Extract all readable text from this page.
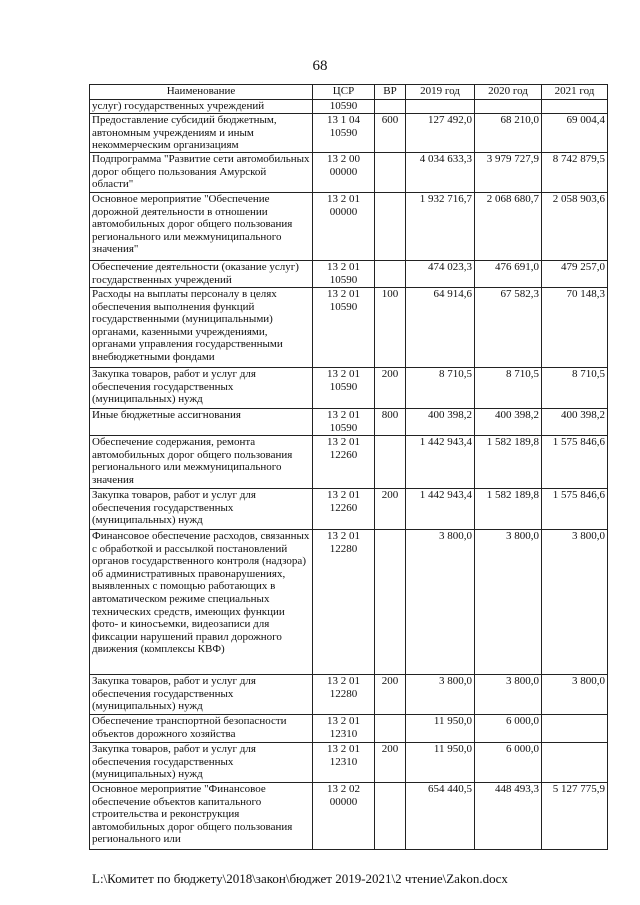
68
Наименование	ЦСР	ВР	2019 год	2020 год	2021 год
услуг) государственных учреждений	10590				
Предоставление субсидий бюджетным, автономным учреждениям и иным некоммерческим организациям	13 1 04 10590	600	127 492,0	68 210,0	69 004,4
Подпрограмма "Развитие сети автомобильных дорог общего пользования Амурской области"	13 2 00 00000		4 034 633,3	3 979 727,9	8 742 879,5
Основное мероприятие "Обеспечение дорожной деятельности в отношении автомобильных дорог общего пользования регионального или межмуниципального значения"	13 2 01 00000		1 932 716,7	2 068 680,7	2 058 903,6
Обеспечение деятельности (оказание услуг) государственных учреждений	13 2 01 10590		474 023,3	476 691,0	479 257,0
Расходы на выплаты персоналу в целях обеспечения выполнения функций государственными (муниципальными) органами, казенными учреждениями, органами управления государственными внебюджетными фондами	13 2 01 10590	100	64 914,6	67 582,3	70 148,3
Закупка товаров, работ и услуг для обеспечения государственных (муниципальных) нужд	13 2 01 10590	200	8 710,5	8 710,5	8 710,5
Иные бюджетные ассигнования	13 2 01 10590	800	400 398,2	400 398,2	400 398,2
Обеспечение содержания, ремонта автомобильных дорог общего пользования регионального или межмуниципального значения	13 2 01 12260		1 442 943,4	1 582 189,8	1 575 846,6
Закупка товаров, работ и услуг для обеспечения государственных (муниципальных) нужд	13 2 01 12260	200	1 442 943,4	1 582 189,8	1 575 846,6
Финансовое обеспечение расходов, связанных с обработкой и рассылкой постановлений органов государственного контроля (надзора) об административных правонарушениях, выявленных с помощью работающих в автоматическом режиме специальных технических средств, имеющих функции фото- и киносъемки, видеозаписи для фиксации нарушений правил дорожного движения (комплексы КВФ)	13 2 01 12280		3 800,0	3 800,0	3 800,0
Закупка товаров, работ и услуг для обеспечения государственных (муниципальных) нужд	13 2 01 12280	200	3 800,0	3 800,0	3 800,0
Обеспечение транспортной безопасности объектов дорожного хозяйства	13 2 01 12310		11 950,0	6 000,0	
Закупка товаров, работ и услуг для обеспечения государственных (муниципальных) нужд	13 2 01 12310	200	11 950,0	6 000,0	
Основное мероприятие "Финансовое обеспечение объектов капитального строительства и реконструкция автомобильных дорог общего пользования регионального или	13 2 02 00000		654 440,5	448 493,3	5 127 775,9
L:\Комитет по бюджету\2018\закон\бюджет 2019-2021\2 чтение\Zakon.docx
